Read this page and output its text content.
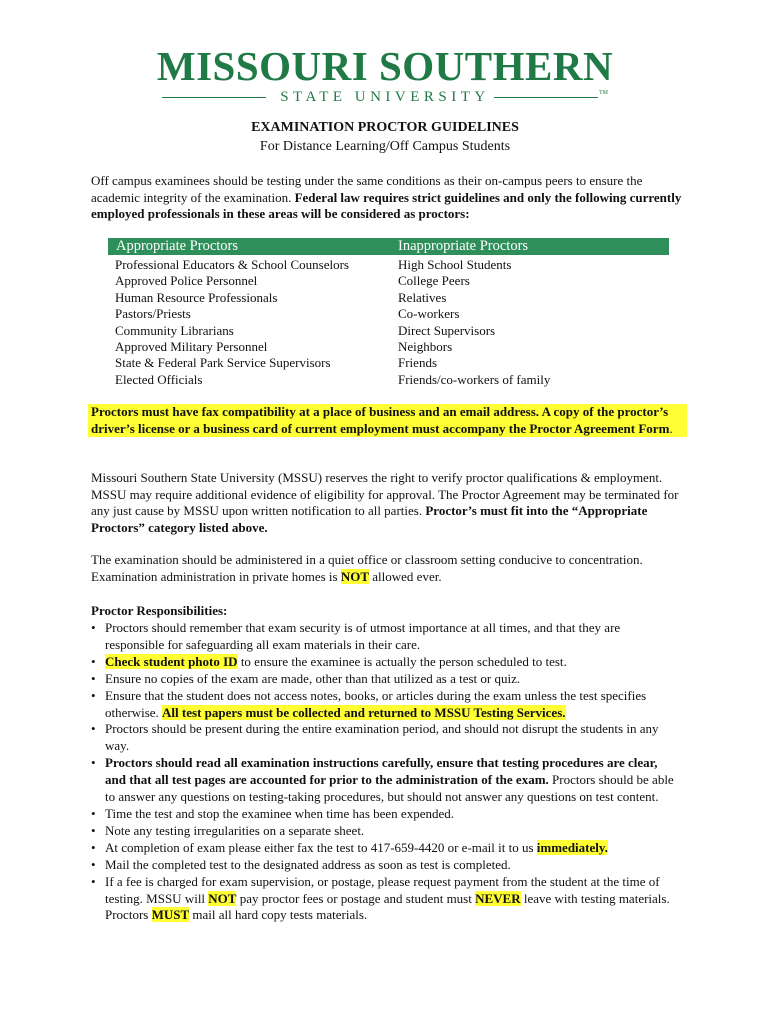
MISSOURI SOUTHERN
STATE UNIVERSITY	TM
EXAMINATION PROCTOR GUIDELINES
For Distance Learning/Off Campus Students

Off campus examinees should be testing under the same conditions as their on-campus peers to ensure the academic integrity of the examination. Federal law requires strict guidelines and only the following currently employed professionals in these areas will be considered as proctors:

Appropriate Proctors	Inappropriate Proctors
Professional Educators & School Counselors
Approved Police Personnel
Human Resource Professionals
Pastors/Priests
Community Librarians
Approved Military Personnel
State & Federal Park Service Supervisors
Elected Officials
High School Students
College Peers
Relatives
Co-workers
Direct Supervisors
Neighbors
Friends
Friends/co-workers of family
Proctors must have fax compatibility at a place of business and an email address. A copy of the proctor’s driver’s license or a business card of current employment must accompany the Proctor Agreement Form.

Missouri Southern State University (MSSU) reserves the right to verify proctor qualifications & employment. MSSU may require additional evidence of eligibility for approval. The Proctor Agreement may be terminated for any just cause by MSSU upon written notification to all parties. Proctor’s must fit into the “Appropriate Proctors” category listed above.

The examination should be administered in a quiet office or classroom setting conducive to concentration. Examination administration in private homes is NOT allowed ever.

Proctor Responsibilities:
• Proctors should remember that exam security is of utmost importance at all times, and that they are responsible for safeguarding all exam materials in their care.
• Check student photo ID to ensure the examinee is actually the person scheduled to test.
• Ensure no copies of the exam are made, other than that utilized as a test or quiz.
• Ensure that the student does not access notes, books, or articles during the exam unless the test specifies otherwise. All test papers must be collected and returned to MSSU Testing Services.
• Proctors should be present during the entire examination period, and should not disrupt the students in any way.
• Proctors should read all examination instructions carefully, ensure that testing procedures are clear, and that all test pages are accounted for prior to the administration of the exam. Proctors should be able to answer any questions on testing-taking procedures, but should not answer any questions on test content.
• Time the test and stop the examinee when time has been expended.
• Note any testing irregularities on a separate sheet.
• At completion of exam please either fax the test to 417-659-4420 or e-mail it to us immediately.
• Mail the completed test to the designated address as soon as test is completed.
• If a fee is charged for exam supervision, or postage, please request payment from the student at the time of testing. MSSU will NOT pay proctor fees or postage and student must NEVER leave with testing materials. Proctors MUST mail all hard copy tests materials.
